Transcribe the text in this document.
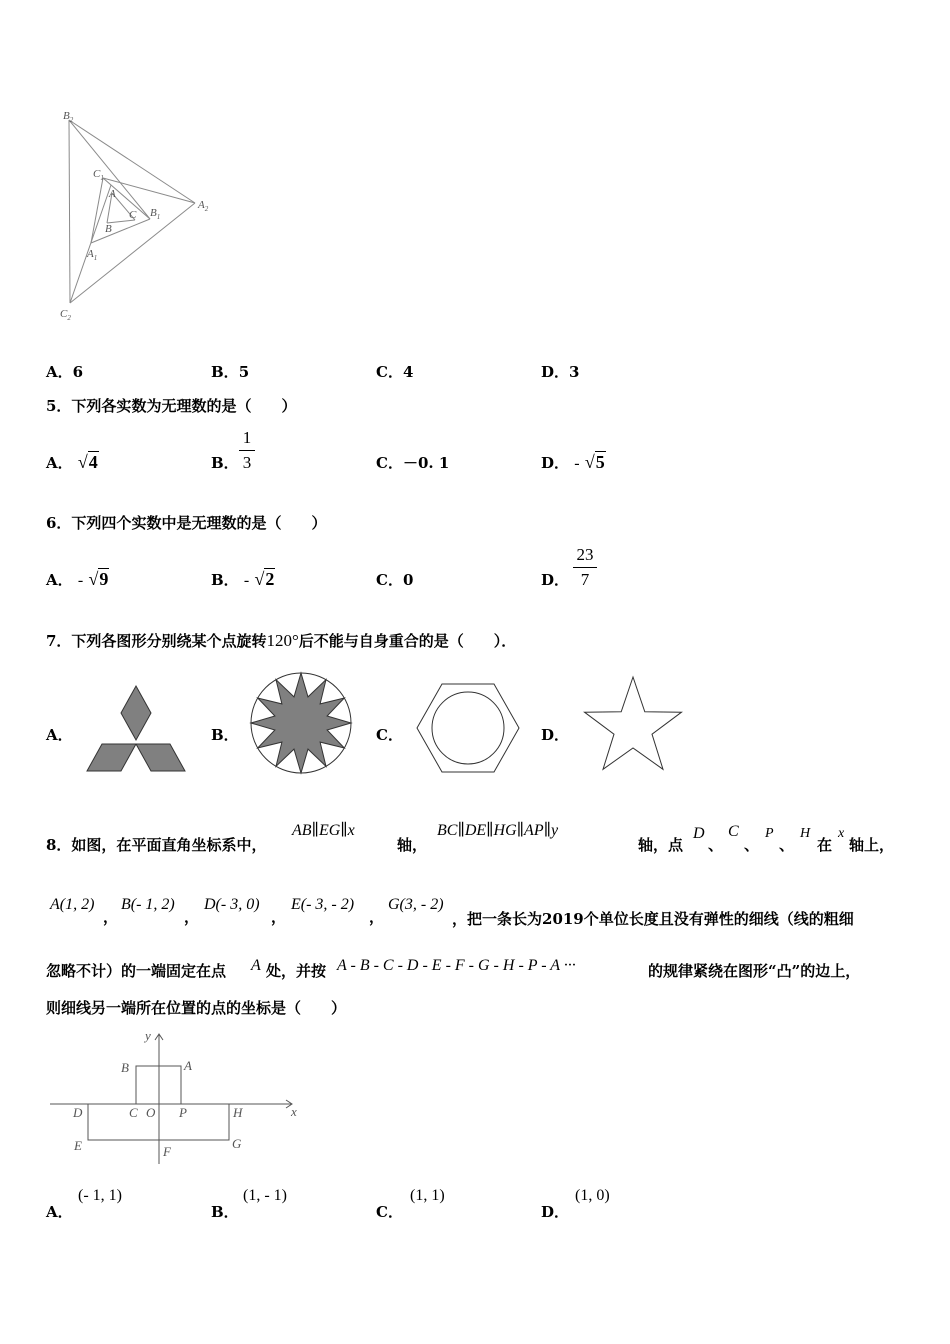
$B_2$
$C_1$
A
C $B_1$
$A_2$
B
$A_1$
$C_2$
A．6	B．5	C．4	D．3
5．下列各实数为无理数的是（　　）
A． √4	B．
1
3	C．－0. 1	D． - √5
6．下列四个实数中是无理数的是（　　）
A． - √9	B． - √2	C．0	D．
23
7
7．下列各图形分别绕某个点旋转120°后不能与自身重合的是（　　）．
A．	B．	C．	D．
8．如图，在平面直角坐标系中，
AB∥EG∥x
轴，
BC∥DE∥HG∥AP∥y
轴，点
D
、
C
、
P
、
H
在
x
轴上，
A(1, 2)
，
B(- 1, 2)
，
D(- 3, 0)
，
E(- 3, - 2)
，
G(3, - 2)
，把一条长为2019个单位长度且没有弹性的细线（线的粗细
忽略不计）的一端固定在点 A 处，并按 A - B - C - D - E - F - G - H - P - A ···	的规律紧绕在图形“凸”的边上，
则细线另一端所在位置的点的坐标是（　　）
y
x
B	A
D	C O P	H
E	F
G
A．
(- 1, 1)
B．
(1, - 1)
C．
(1, 1)
D．
(1, 0)
